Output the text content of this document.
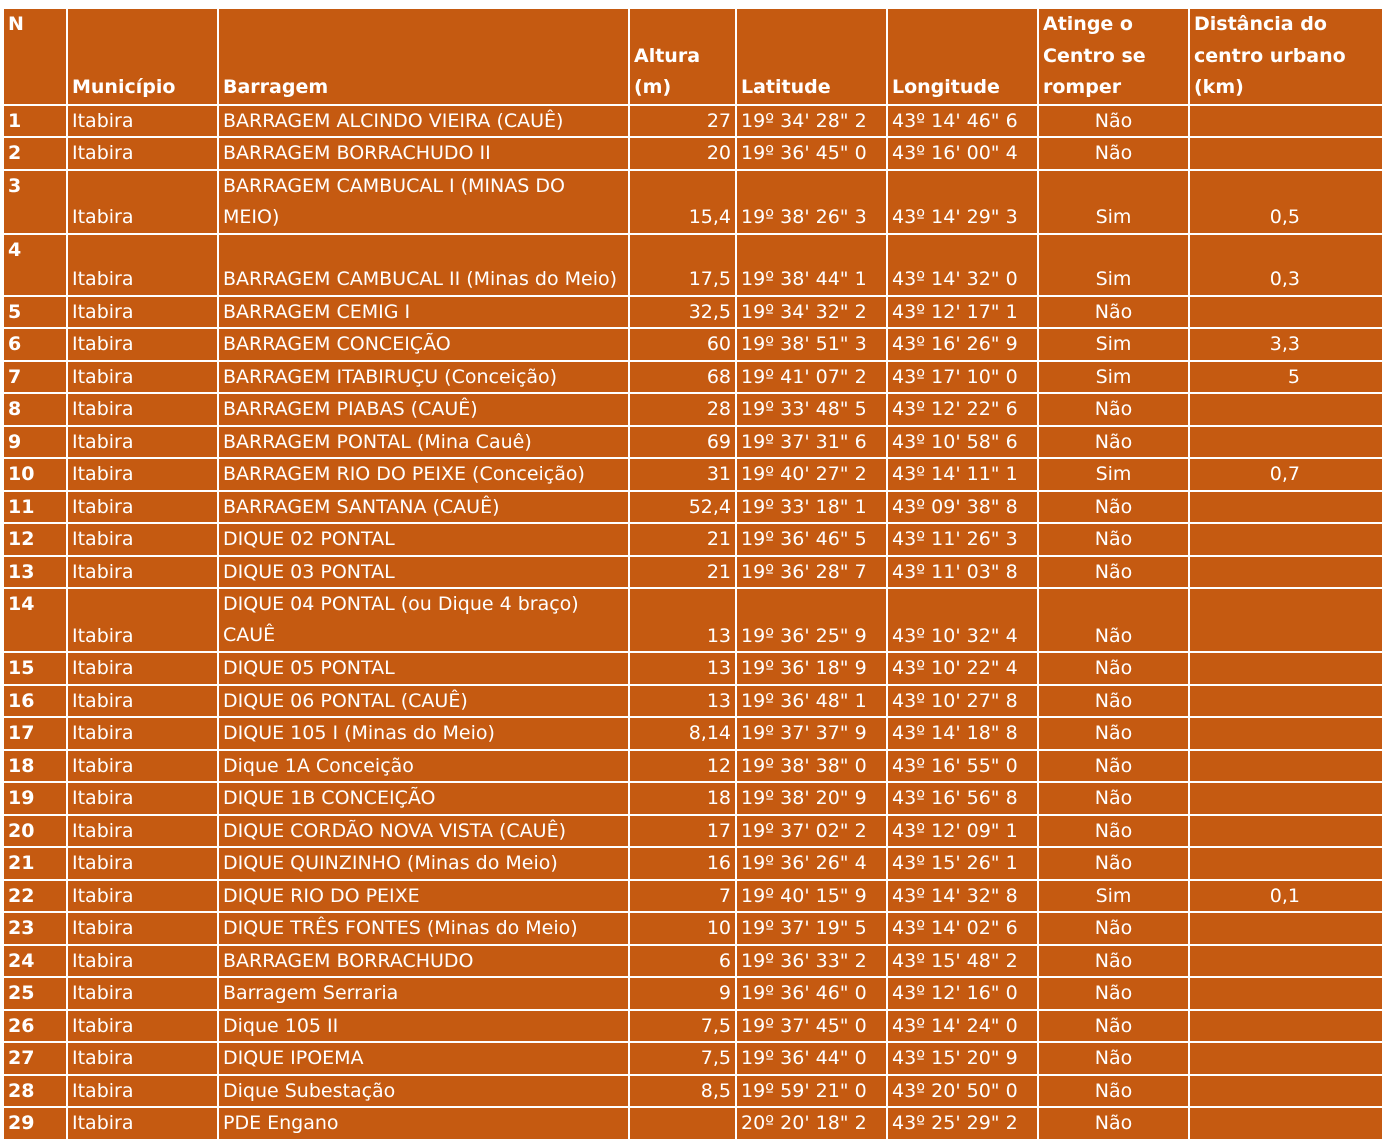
N	Município	Barragem	Altura (m)	Latitude	Longitude	Atinge o Centro se romper	Distância do centro urbano (km)
1	Itabira	BARRAGEM ALCINDO VIEIRA (CAUÊ)	27	19º 34' 28" 2	43º 14' 46" 6	Não	
2	Itabira	BARRAGEM BORRACHUDO II	20	19º 36' 45" 0	43º 16' 00" 4	Não	
3	Itabira	BARRAGEM CAMBUCAL I (MINAS DO MEIO)	15,4	19º 38' 26" 3	43º 14' 29" 3	Sim	0,5
4	Itabira	BARRAGEM CAMBUCAL II (Minas do Meio)	17,5	19º 38' 44" 1	43º 14' 32" 0	Sim	0,3
5	Itabira	BARRAGEM CEMIG I	32,5	19º 34' 32" 2	43º 12' 17" 1	Não	
6	Itabira	BARRAGEM CONCEIÇÃO	60	19º 38' 51" 3	43º 16' 26" 9	Sim	3,3
7	Itabira	BARRAGEM ITABIRUÇU (Conceição)	68	19º 41' 07" 2	43º 17' 10" 0	Sim	5
8	Itabira	BARRAGEM PIABAS (CAUÊ)	28	19º 33' 48" 5	43º 12' 22" 6	Não	
9	Itabira	BARRAGEM PONTAL (Mina Cauê)	69	19º 37' 31" 6	43º 10' 58" 6	Não	
10	Itabira	BARRAGEM RIO DO PEIXE (Conceição)	31	19º 40' 27" 2	43º 14' 11" 1	Sim	0,7
11	Itabira	BARRAGEM SANTANA (CAUÊ)	52,4	19º 33' 18" 1	43º 09' 38" 8	Não	
12	Itabira	DIQUE 02 PONTAL	21	19º 36' 46" 5	43º 11' 26" 3	Não	
13	Itabira	DIQUE 03 PONTAL	21	19º 36' 28" 7	43º 11' 03" 8	Não	
14	Itabira	DIQUE 04 PONTAL (ou Dique 4 braço) CAUÊ	13	19º 36' 25" 9	43º 10' 32" 4	Não	
15	Itabira	DIQUE 05 PONTAL	13	19º 36' 18" 9	43º 10' 22" 4	Não	
16	Itabira	DIQUE 06 PONTAL (CAUÊ)	13	19º 36' 48" 1	43º 10' 27" 8	Não	
17	Itabira	DIQUE 105 I (Minas do Meio)	8,14	19º 37' 37" 9	43º 14' 18" 8	Não	
18	Itabira	Dique 1A Conceição	12	19º 38' 38" 0	43º 16' 55" 0	Não	
19	Itabira	DIQUE 1B CONCEIÇÃO	18	19º 38' 20" 9	43º 16' 56" 8	Não	
20	Itabira	DIQUE CORDÃO NOVA VISTA (CAUÊ)	17	19º 37' 02" 2	43º 12' 09" 1	Não	
21	Itabira	DIQUE QUINZINHO (Minas do Meio)	16	19º 36' 26" 4	43º 15' 26" 1	Não	
22	Itabira	DIQUE RIO DO PEIXE	7	19º 40' 15" 9	43º 14' 32" 8	Sim	0,1
23	Itabira	DIQUE TRÊS FONTES (Minas do Meio)	10	19º 37' 19" 5	43º 14' 02" 6	Não	
24	Itabira	BARRAGEM BORRACHUDO	6	19º 36' 33" 2	43º 15' 48" 2	Não	
25	Itabira	Barragem Serraria	9	19º 36' 46" 0	43º 12' 16" 0	Não	
26	Itabira	Dique 105 II	7,5	19º 37' 45" 0	43º 14' 24" 0	Não	
27	Itabira	DIQUE IPOEMA	7,5	19º 36' 44" 0	43º 15' 20" 9	Não	
28	Itabira	Dique Subestação	8,5	19º 59' 21" 0	43º 20' 50" 0	Não	
29	Itabira	PDE Engano		20º 20' 18" 2	43º 25' 29" 2	Não	
